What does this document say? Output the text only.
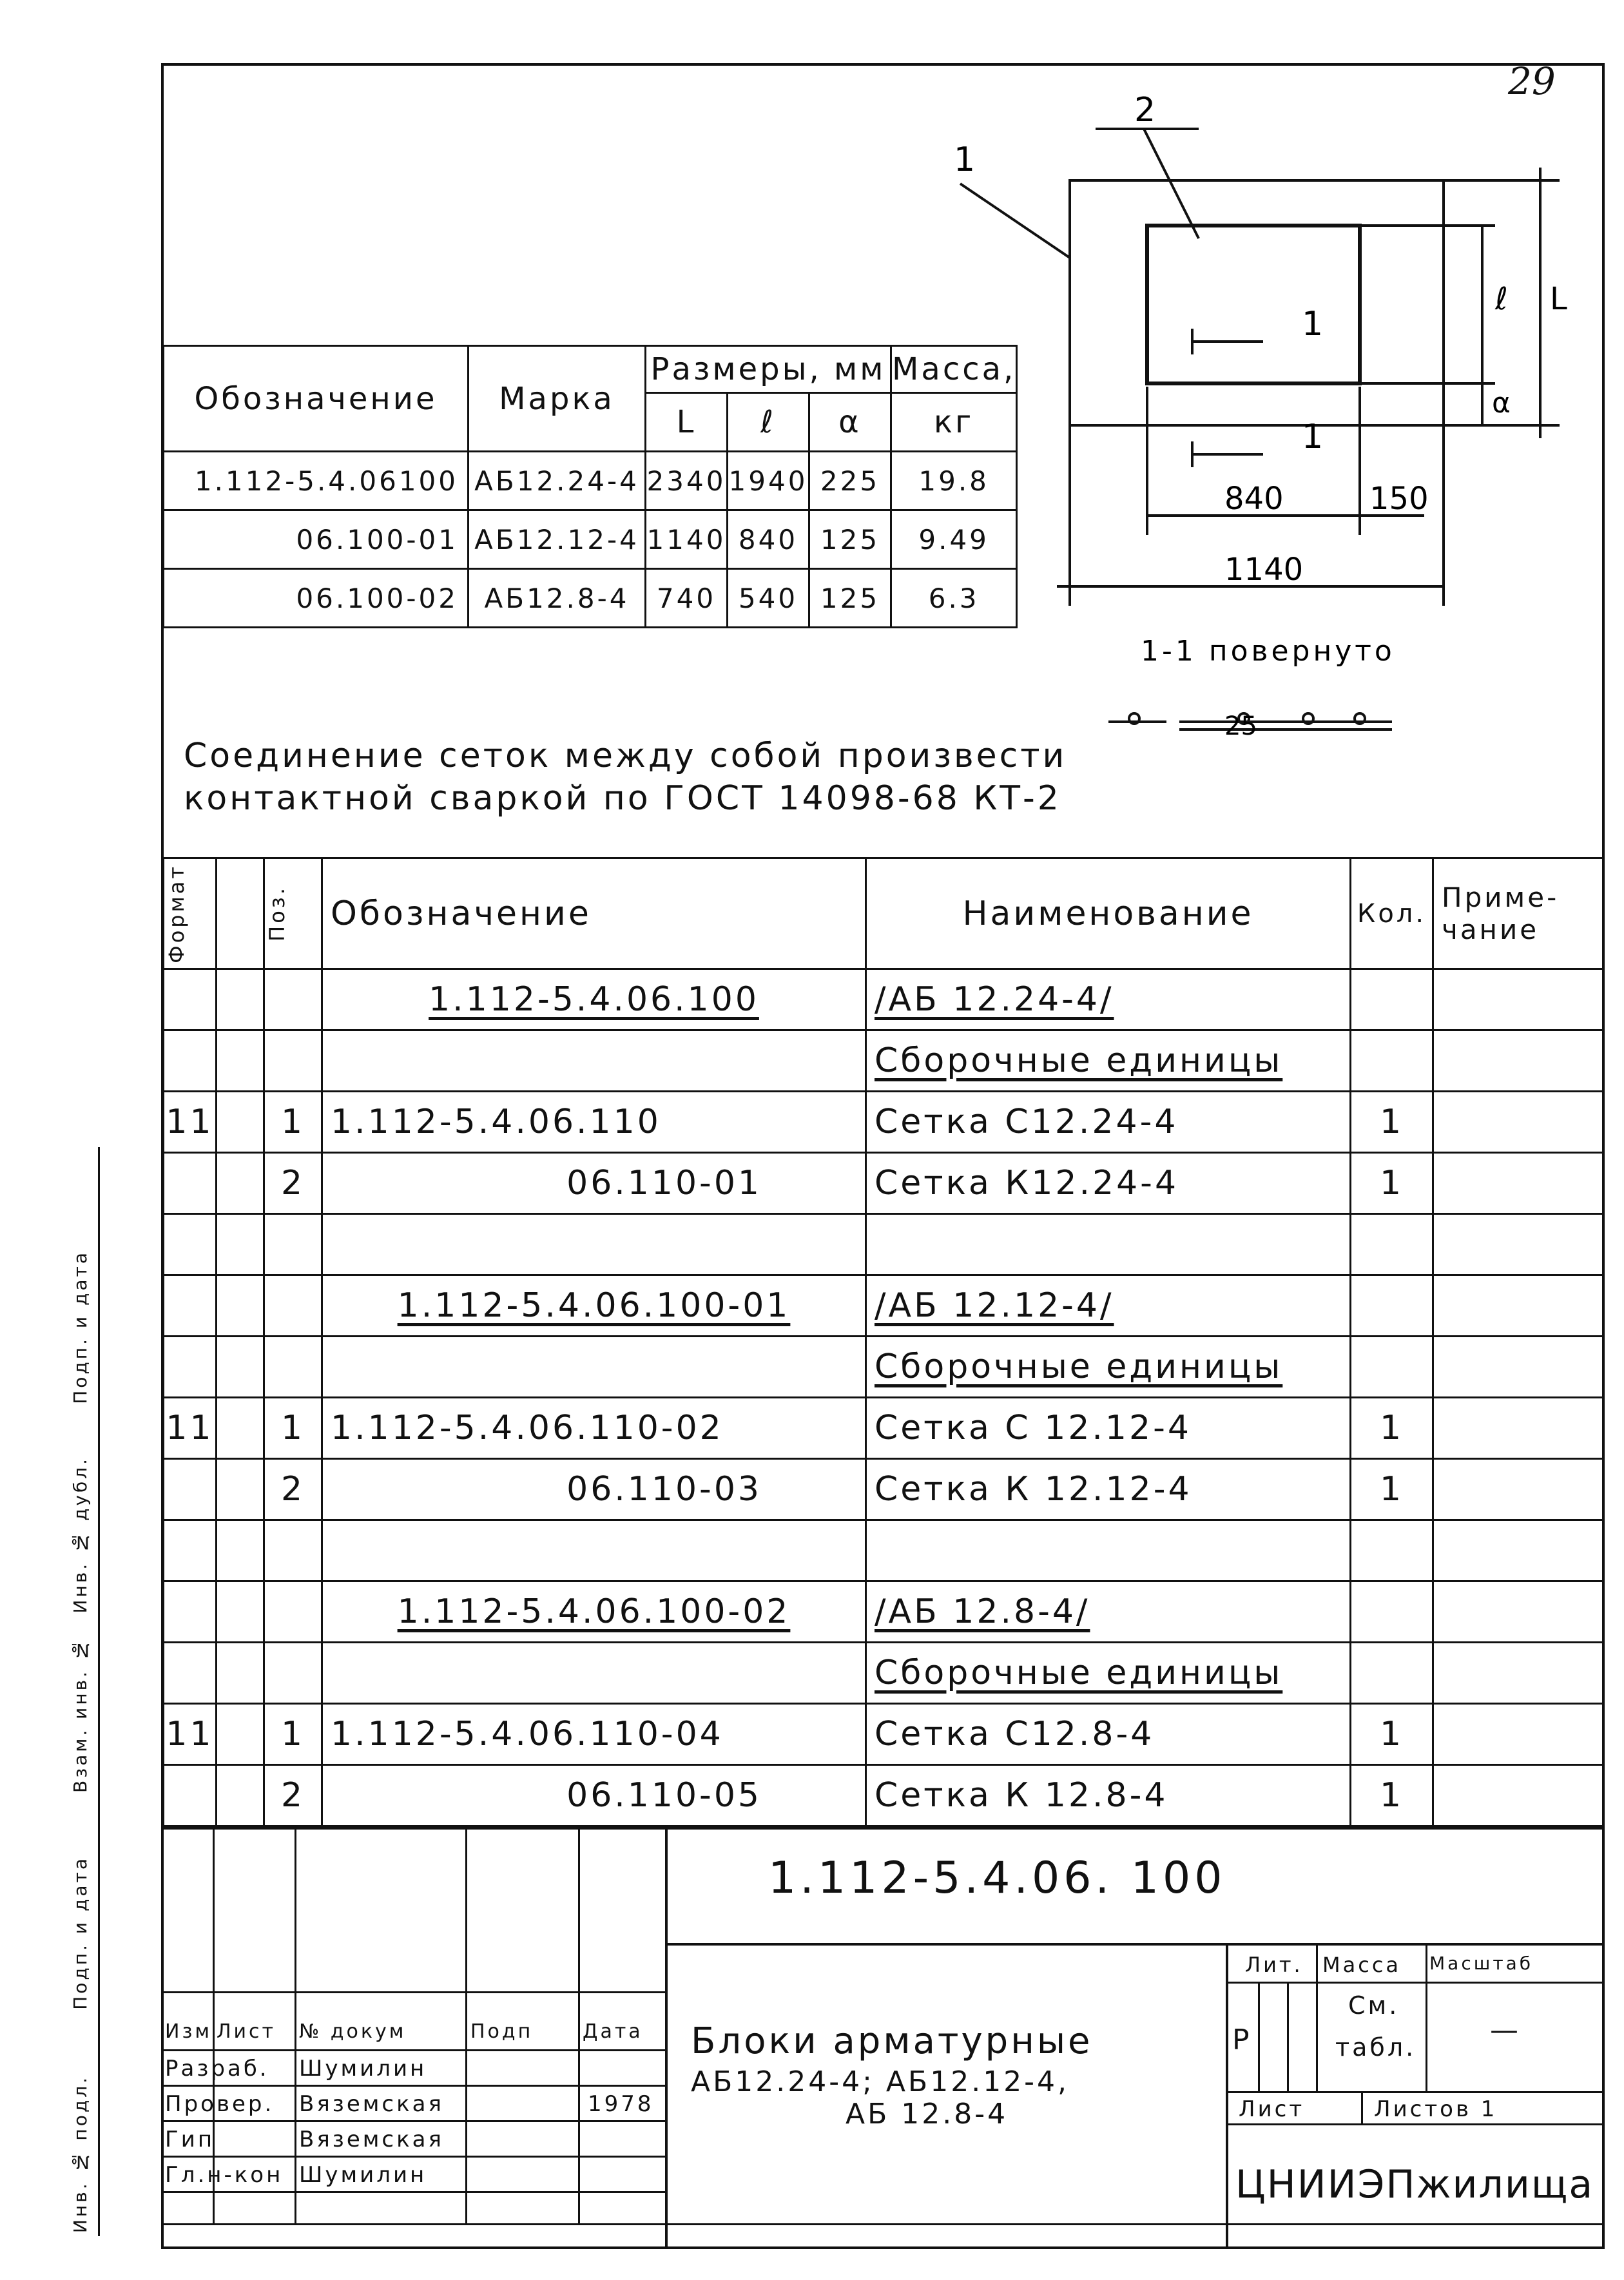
29
Обозначение	Марка	Размеры, мм			Масса,
		L	ℓ	α	кг
1.112-5.4.06100	АБ12.24-4	2340	1940	225	19.8
06.100-01	АБ12.12-4	1140	840	125	9.49
06.100-02	АБ12.8-4	740	540	125	6.3
1
2
1
1
840	150
1140
ℓ L
α
1-1 повернуто
25
Соединение сеток между собой произвести
контактной сваркой по ГОСТ 14098-68 КТ-2
Формат		Поз.	Обозначение	Наименование	Кол.	Приме-
чание
			1.112-5.4.06.100	/АБ 12.24-4/		
				Сборочные единицы		
11		1	1.112-5.4.06.110	Сетка С12.24-4	1	
		2	06.110-01	Сетка К12.24-4	1	

			1.112-5.4.06.100-01	/АБ 12.12-4/		
				Сборочные единицы		
11		1	1.112-5.4.06.110-02	Сетка С 12.12-4	1	
		2	06.110-03	Сетка К 12.12-4	1	

			1.112-5.4.06.100-02	/АБ 12.8-4/		
				Сборочные единицы		
11		1	1.112-5.4.06.110-04	Сетка С12.8-4	1	
		2	06.110-05	Сетка К 12.8-4	1	
1.112-5.4.06. 100
Изм Лист № докум	Подп	Дата
Разраб. Шумилин
Провер. Вяземская	1978
Гип	Вяземская
Гл.н-кон Шумилин
Блоки арматурные
АБ12.24-4; АБ12.12-4,
АБ 12.8-4
Лит. Масса Масштаб
Р
См.
табл.
—
Лист	Листов 1
ЦНИИЭПжилища
Инв. № подл.
Подп. и дата
Инв. № дубл.
Взам. инв. №
Подп. и дата
